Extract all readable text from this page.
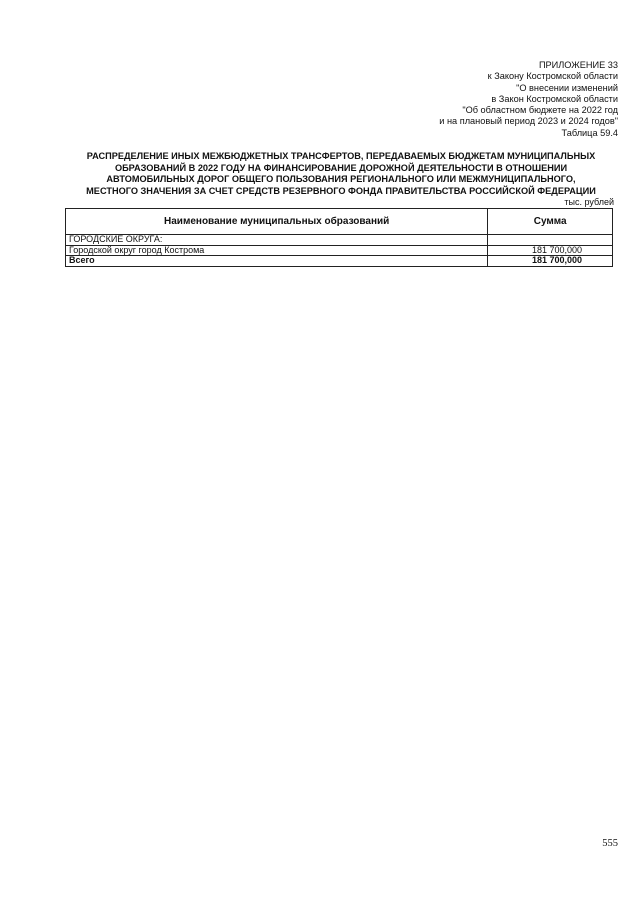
ПРИЛОЖЕНИЕ 33
к Закону Костромской области
"О внесении изменений
в Закон Костромской области
"Об областном бюджете на 2022 год
и на плановый период 2023 и 2024 годов"
Таблица 59.4
РАСПРЕДЕЛЕНИЕ ИНЫХ МЕЖБЮДЖЕТНЫХ ТРАНСФЕРТОВ, ПЕРЕДАВАЕМЫХ БЮДЖЕТАМ МУНИЦИПАЛЬНЫХ
ОБРАЗОВАНИЙ В 2022 ГОДУ НА ФИНАНСИРОВАНИЕ ДОРОЖНОЙ ДЕЯТЕЛЬНОСТИ В ОТНОШЕНИИ
АВТОМОБИЛЬНЫХ ДОРОГ ОБЩЕГО ПОЛЬЗОВАНИЯ РЕГИОНАЛЬНОГО ИЛИ МЕЖМУНИЦИПАЛЬНОГО,
МЕСТНОГО ЗНАЧЕНИЯ ЗА СЧЕТ СРЕДСТВ РЕЗЕРВНОГО ФОНДА ПРАВИТЕЛЬСТВА РОССИЙСКОЙ ФЕДЕРАЦИИ
тыс. рублей
Наименование муниципальных образований	Сумма
ГОРОДСКИЕ ОКРУГА:	
Городской округ город Кострома	181 700,000
Всего	181 700,000
555
